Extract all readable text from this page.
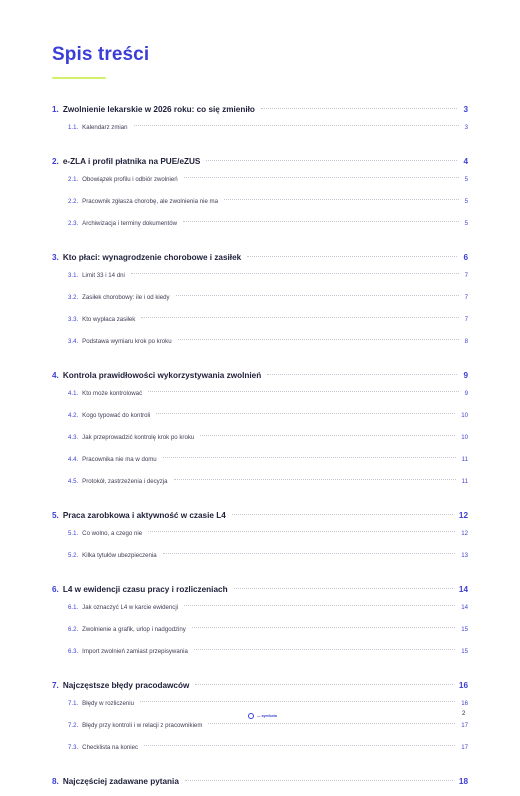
Spis treści
1. Zwolnienie lekarskie w 2026 roku: co się zmieniło	3
1.1. Kalendarz zmian	3
2. e-ZLA i profil płatnika na PUE/eZUS	4
2.1. Obowiązek profilu i odbiór zwolnień	5
2.2. Pracownik zgłasza chorobę, ale zwolnienia nie ma	5
2.3. Archiwizacja i terminy dokumentów	5
3. Kto płaci: wynagrodzenie chorobowe i zasiłek	6
3.1. Limit 33 i 14 dni	7
3.2. Zasiłek chorobowy: ile i od kiedy	7
3.3. Kto wypłaca zasiłek	7
3.4. Podstawa wymiaru krok po kroku	8
4. Kontrola prawidłowości wykorzystywania zwolnień	9
4.1. Kto może kontrolować	9
4.2. Kogo typować do kontroli	10
4.3. Jak przeprowadzić kontrolę krok po kroku	10
4.4. Pracownika nie ma w domu	11
4.5. Protokół, zastrzeżenia i decyzja	11
5. Praca zarobkowa i aktywność w czasie L4	12
5.1. Co wolno, a czego nie	12
5.2. Kilka tytułów ubezpieczenia	13
6. L4 w ewidencji czasu pracy i rozliczeniach	14
6.1. Jak oznaczyć L4 w karcie ewidencji	14
6.2. Zwolnienie a grafik, urlop i nadgodziny	15
6.3. Import zwolnień zamiast przepisywania	15
7. Najczęstsze błędy pracodawców	16
7.1. Błędy w rozliczeniu	16
7.2. Błędy przy kontroli i w relacji z pracownikiem	17
7.3. Checklista na koniec	17
8. Najczęściej zadawane pytania	18
— symfonia	2
